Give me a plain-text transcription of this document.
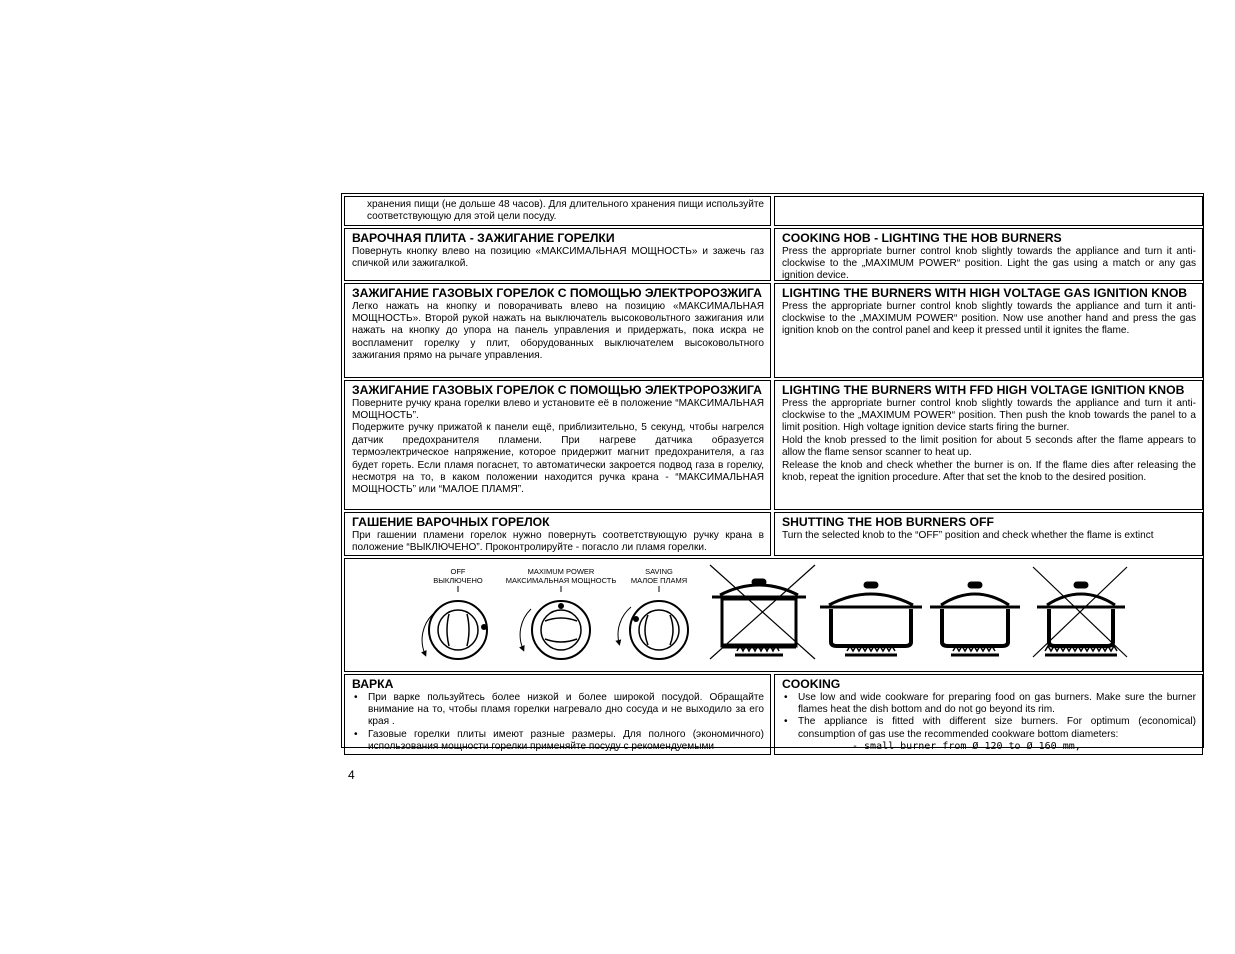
хранения пищи (не дольше 48 часов). Для длительного хранения пищи используйте соответствующую для этой цели посуду.

ВАРОЧНАЯ ПЛИТА - ЗАЖИГАНИЕ ГОРЕЛКИ

Повернуть кнопку влево на позицию «МАКСИМАЛЬНАЯ МОЩНОСТЬ» и зажечь газ спичкой или зажигалкой.

COOKING HOB - LIGHTING THE HOB BURNERS

Press the appropriate burner control knob slightly towards the appliance and turn it anti-clockwise to the „MAXIMUM POWER“ position. Light the gas using a match or any gas ignition device.

ЗАЖИГАНИЕ ГАЗОВЫХ ГОРЕЛОК С ПОМОЩЬЮ ЭЛЕКТРОРОЗЖИГА

Легко нажать на кнопку и поворачивать влево на позицию «МАКСИМАЛЬНАЯ МОЩНОСТЬ». Второй рукой нажать на выключатель высоковольтного зажигания или нажать на кнопку до упора на панель управления и придержать, пока искра не воспламенит горелку у плит, оборудованных выключателем высоковольтного зажигания прямо на рычаге управления.

LIGHTING THE BURNERS WITH HIGH VOLTAGE GAS IGNITION KNOB

Press the appropriate burner control knob slightly towards the appliance and turn it anti-clockwise to the „MAXIMUM POWER“ position. Now use another hand and press the gas ignition knob on the control panel and keep it pressed until it ignites the flame.

ЗАЖИГАНИЕ ГАЗОВЫХ ГОРЕЛОК С ПОМОЩЬЮ ЭЛЕКТРОРОЗЖИГА

Поверните ручку крана горелки влево и установите её в положение “МАКСИМАЛЬНАЯ МОЩНОСТЬ”.

Подержите ручку прижатой к панели ещё, приблизительно, 5 секунд, чтобы нагрелся датчик предохранителя пламени. При нагреве датчика образуется термоэлектрическое напряжение, которое придержит магнит предохранителя, а газ будет гореть. Если пламя погаснет, то автоматически закроется подвод газа в горелку, несмотря на то, в каком положении находится ручка крана - “МАКСИМАЛЬНАЯ МОЩНОСТЬ” или “МАЛОЕ ПЛАМЯ”.

LIGHTING THE BURNERS WITH FFD HIGH VOLTAGE IGNITION KNOB

Press the appropriate burner control knob slightly towards the appliance and turn it anti-clockwise to the „MAXIMUM POWER“ position. Then push the knob towards the panel to a limit position. High voltage ignition device starts firing the burner.

Hold the knob pressed to the limit position for about 5 seconds after the flame appears to allow the flame sensor scanner to heat up.

Release the knob and check whether the burner is on. If the flame dies after releasing the knob, repeat the ignition procedure. After that set the knob to the desired position.

ГАШЕНИЕ ВАРОЧНЫХ ГОРЕЛОК

При гашении пламени горелок нужно повернуть соответствующую ручку крана в положение “ВЫКЛЮЧЕНО”. Проконтролируйте - погасло ли пламя горелки.

SHUTTING THE HOB BURNERS OFF

Turn the selected knob to the “OFF” position and check whether the flame is extinct

OFF
ВЫКЛЮЧЕНО
MAXIMUM POWER
МАКСИМАЛЬНАЯ МОЩНОСТЬ
SAVING
МАЛОЕ ПЛАМЯ

ВАРКА

• При варке пользуйтесь более низкой и более широкой посудой. Обращайте внимание на то, чтобы пламя горелки нагревало дно сосуда и не выходило за его края .
• Газовые горелки плиты имеют разные размеры. Для полного (экономичного) использования мощности горелки применяйте посуду с рекомендуемыми

COOKING

• Use low and wide cookware for preparing food on gas burners. Make sure the burner flames heat the dish bottom and do not go beyond its rim.
• The appliance is fitted with different size burners. For optimum (economical) consumption of gas use the recommended cookware bottom diameters:

- small burner from Ø 120 to Ø 160 mm,

4
